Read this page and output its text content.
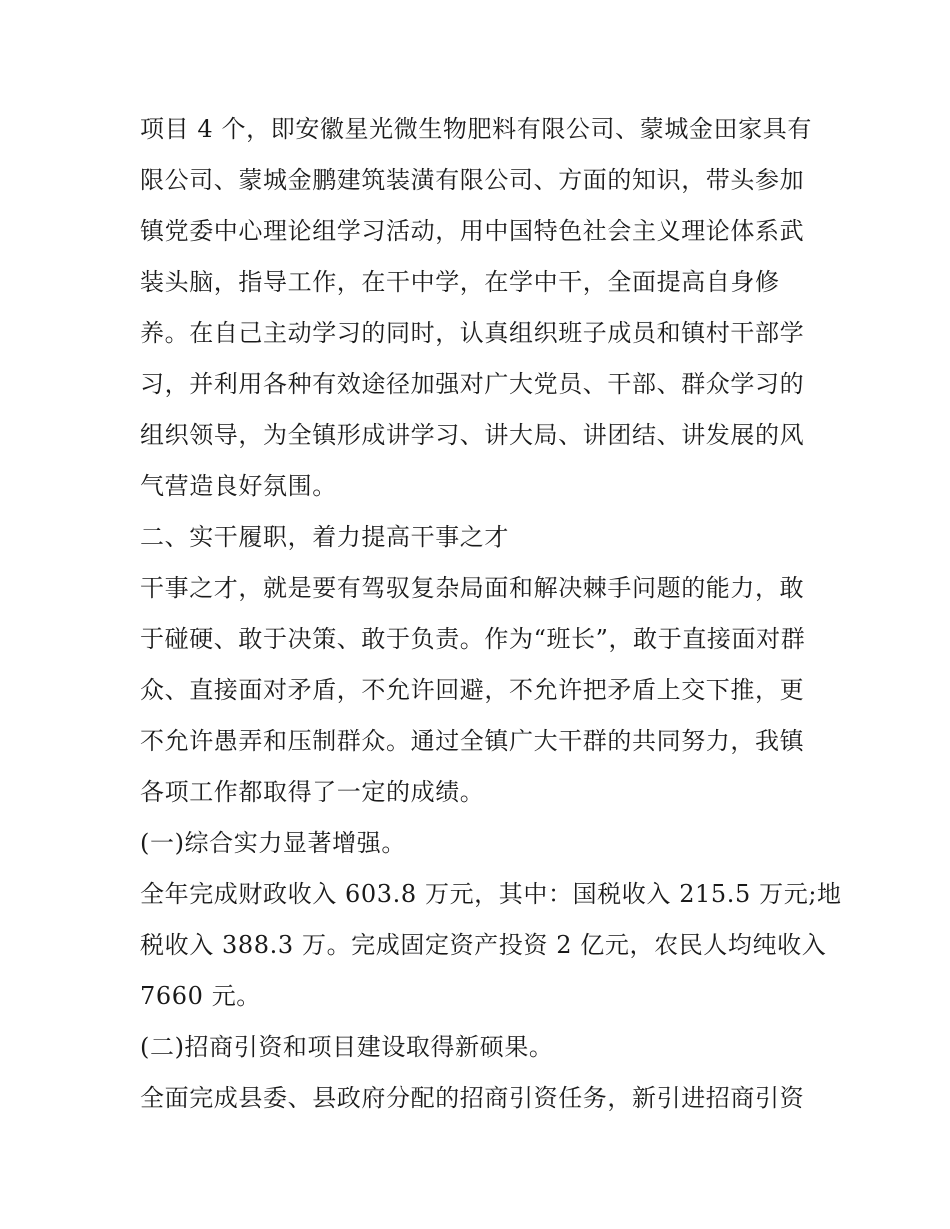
项目 4 个，即安徽星光微生物肥料有限公司、蒙城金田家具有
限公司、蒙城金鹏建筑装潢有限公司、方面的知识，带头参加
镇党委中心理论组学习活动，用中国特色社会主义理论体系武
装头脑，指导工作，在干中学，在学中干，全面提高自身修
养。在自己主动学习的同时，认真组织班子成员和镇村干部学
习，并利用各种有效途径加强对广大党员、干部、群众学习的
组织领导，为全镇形成讲学习、讲大局、讲团结、讲发展的风
气营造良好氛围。
二、实干履职，着力提高干事之才
干事之才，就是要有驾驭复杂局面和解决棘手问题的能力，敢
于碰硬、敢于决策、敢于负责。作为“班长”，敢于直接面对群
众、直接面对矛盾，不允许回避，不允许把矛盾上交下推，更
不允许愚弄和压制群众。通过全镇广大干群的共同努力，我镇
各项工作都取得了一定的成绩。
(一)综合实力显著增强。
全年完成财政收入 603.8 万元，其中：国税收入 215.5 万元;地
税收入 388.3 万。完成固定资产投资 2 亿元，农民人均纯收入
7660 元。
(二)招商引资和项目建设取得新硕果。
全面完成县委、县政府分配的招商引资任务，新引进招商引资
